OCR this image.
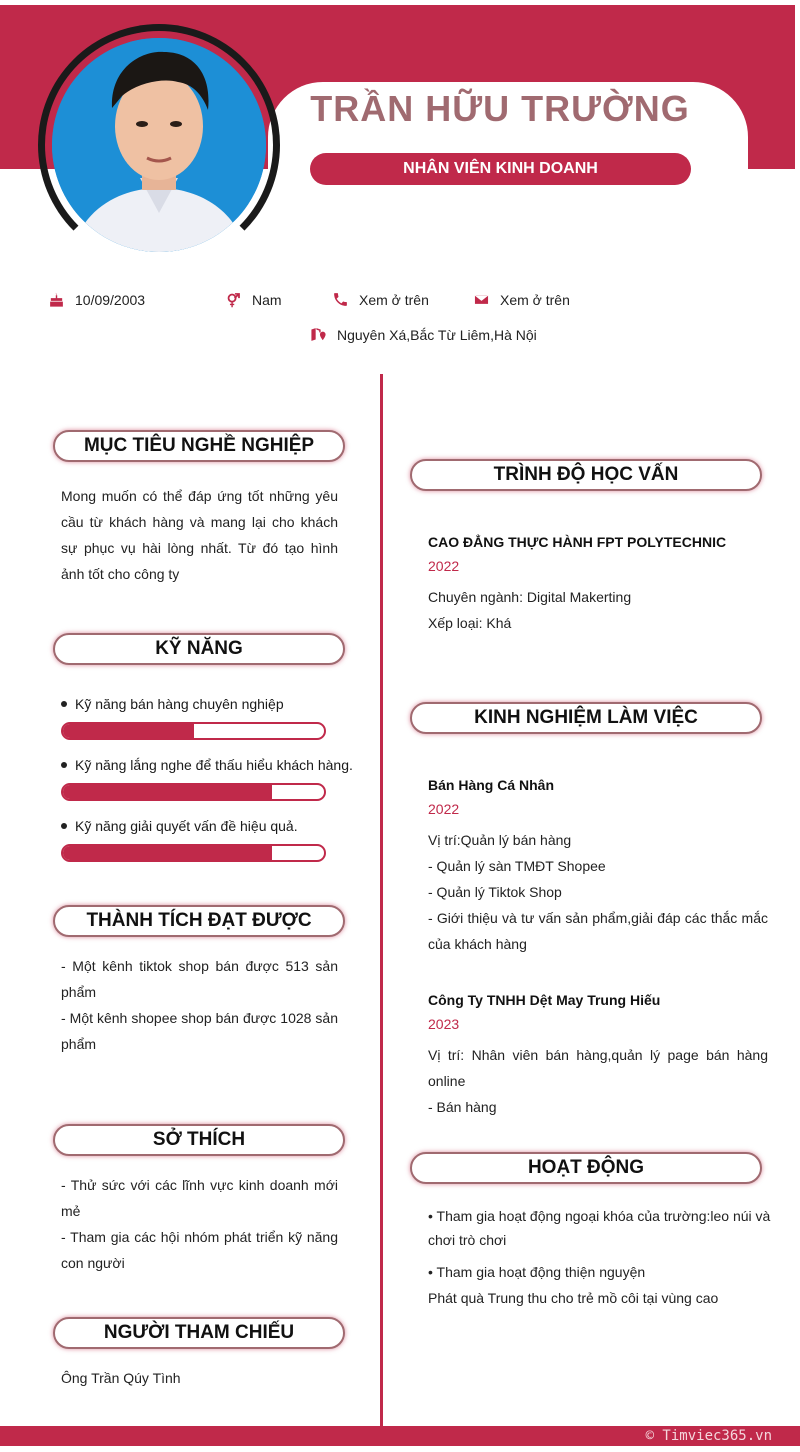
TRẦN HỮU TRƯỜNG
NHÂN VIÊN KINH DOANH
10/09/2003	Nam	Xem ở trên	Xem ở trên
Nguyên Xá,Bắc Từ Liêm,Hà Nội
MỤC TIÊU NGHỀ NGHIỆP
Mong muốn có thể đáp ứng tốt những yêu cầu từ khách hàng và mang lại cho khách sự phục vụ hài lòng nhất. Từ đó tạo hình ảnh tốt cho công ty
KỸ NĂNG
Kỹ năng bán hàng chuyên nghiệp
Kỹ năng lắng nghe để thấu hiểu khách hàng.
Kỹ năng giải quyết vấn đề hiệu quả.
THÀNH TÍCH ĐẠT ĐƯỢC
- Một kênh tiktok shop bán được 513 sản phẩm
- Một kênh shopee shop bán được 1028 sản phẩm
SỞ THÍCH
- Thử sức với các lĩnh vực kinh doanh mới mẻ
- Tham gia các hội nhóm phát triển kỹ năng con người
NGƯỜI THAM CHIẾU
Ông Trần Qúy Tình
TRÌNH ĐỘ HỌC VẤN
CAO ĐẲNG THỰC HÀNH FPT POLYTECHNIC
2022
Chuyên ngành: Digital Makerting
Xếp loại: Khá
KINH NGHIỆM LÀM VIỆC
Bán Hàng Cá Nhân
2022
Vị trí:Quản lý bán hàng
- Quản lý sàn TMĐT Shopee
- Quản lý Tiktok Shop
- Giới thiệu và tư vấn sản phẩm,giải đáp các thắc mắc của khách hàng
Công Ty TNHH Dệt May Trung Hiếu
2023
Vị trí: Nhân viên bán hàng,quản lý page bán hàng online
- Bán hàng
HOẠT ĐỘNG
• Tham gia hoạt động ngoại khóa của trường:leo núi và chơi trò chơi
• Tham gia hoạt động thiện nguyện
Phát quà Trung thu cho trẻ mồ côi tại vùng cao
© Timviec365.vn
